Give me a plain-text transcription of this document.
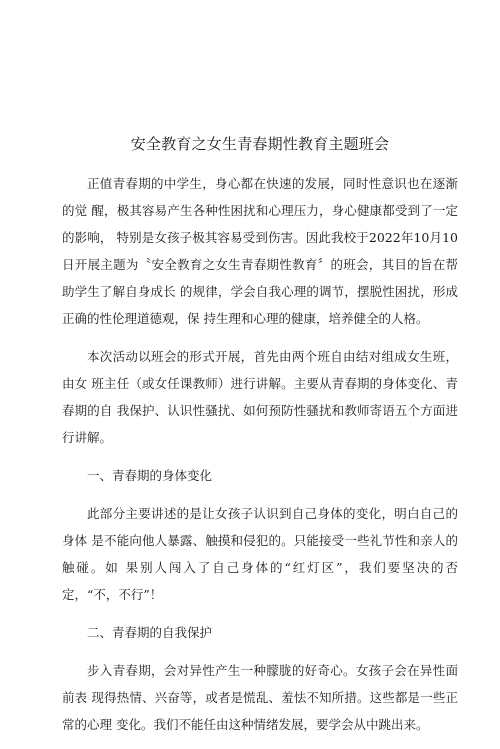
安全教育之女生青春期性教育主题班会

正值青春期的中学生，身心都在快速的发展，同时性意识也在逐渐的觉 醒，极其容易产生各种性困扰和心理压力，身心健康都受到了一定的影响， 特别是女孩子极其容易受到伤害。因此我校于2022年10月10日开展主题为〝安全教育之女生青春期性教育〞的班会，其目的旨在帮助学生了解自身成长 的规律，学会自我心理的调节，摆脱性困扰，形成正确的性伦理道德观，保 持生理和心理的健康，培养健全的人格。

本次活动以班会的形式开展，首先由两个班自由结对组成女生班，由女 班主任（或女任课教师）进行讲解。主要从青春期的身体变化、青春期的自 我保护、认识性骚扰、如何预防性骚扰和教师寄语五个方面进行讲解。

一、青春期的身体变化

此部分主要讲述的是让女孩子认识到自己身体的变化，明白自己的身体 是不能向他人暴露、触摸和侵犯的。只能接受一些礼节性和亲人的触碰。如 果别人闯入了自己身体的“红灯区”，我们要坚决的否定，“不，不行”！

二、青春期的自我保护

步入青春期，会对异性产生一种朦胧的好奇心。女孩子会在异性面前表 现得热情、兴奋等，或者是慌乱、羞怯不知所措。这些都是一些正常的心理 变化。我们不能任由这种情绪发展，要学会从中跳出来。
